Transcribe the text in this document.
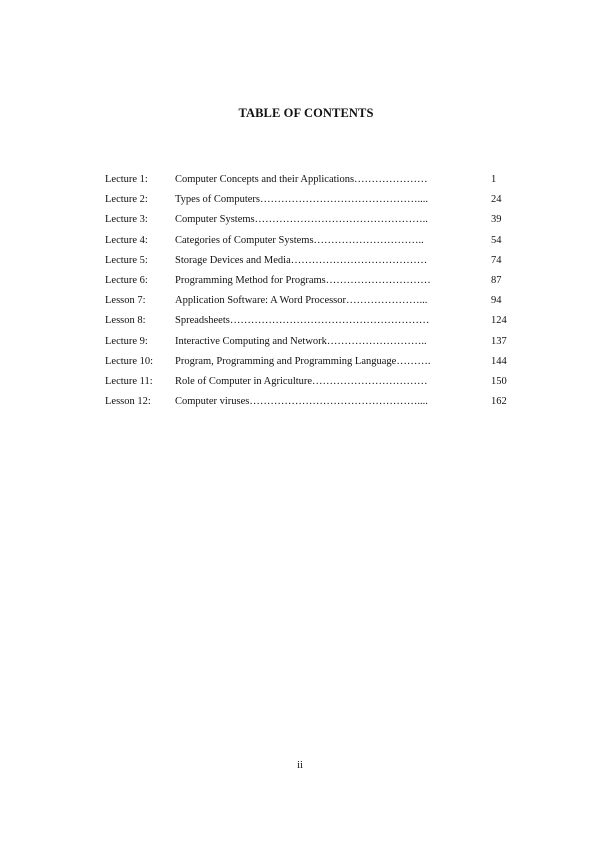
TABLE OF CONTENTS
Lecture 1:	Computer Concepts and their Applications…………………	1
Lecture 2:	Types of Computers………………………………………....	24
Lecture 3:	Computer Systems…………………………………………..	39
Lecture 4:	Categories of Computer Systems…………………………..	54
Lecture 5:	Storage Devices and Media…………………………………	74
Lecture 6:	Programming Method for Programs…………………………	87
Lesson 7:	Application Software: A Word Processor…………………...	94
Lesson 8:	Spreadsheets…………………………………………………	124
Lecture 9:	Interactive Computing and Network………………………..	137
Lecture 10: Program, Programming and Programming Language……….	144
Lecture 11: Role of Computer in Agriculture……………………………	150
Lesson 12: Computer viruses…………………………………………....	162
ii
